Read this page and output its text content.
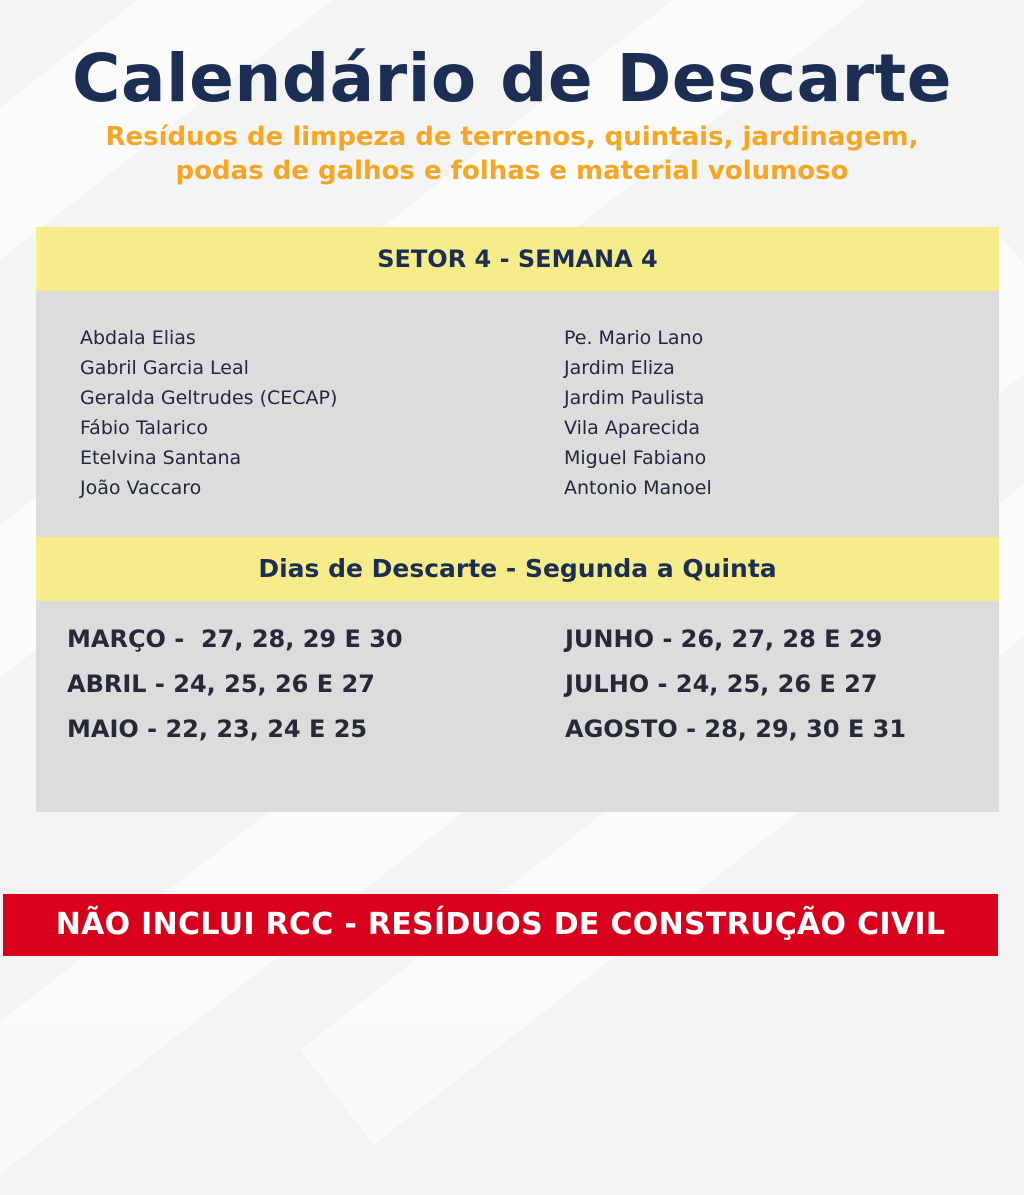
Calendário de Descarte
Resíduos de limpeza de terrenos, quintais, jardinagem,
podas de galhos e folhas e material volumoso
SETOR 4 - SEMANA 4
Abdala Elias
Gabril Garcia Leal
Geralda Geltrudes (CECAP)
Fábio Talarico
Etelvina Santana
João Vaccaro
Pe. Mario Lano
Jardim Eliza
Jardim Paulista
Vila Aparecida
Miguel Fabiano
Antonio Manoel
Dias de Descarte - Segunda a Quinta
MARÇO -  27, 28, 29 E 30
ABRIL - 24, 25, 26 E 27
MAIO - 22, 23, 24 E 25
JUNHO - 26, 27, 28 E 29
JULHO - 24, 25, 26 E 27
AGOSTO - 28, 29, 30 E 31
NÃO INCLUI RCC - RESÍDUOS DE CONSTRUÇÃO CIVIL
